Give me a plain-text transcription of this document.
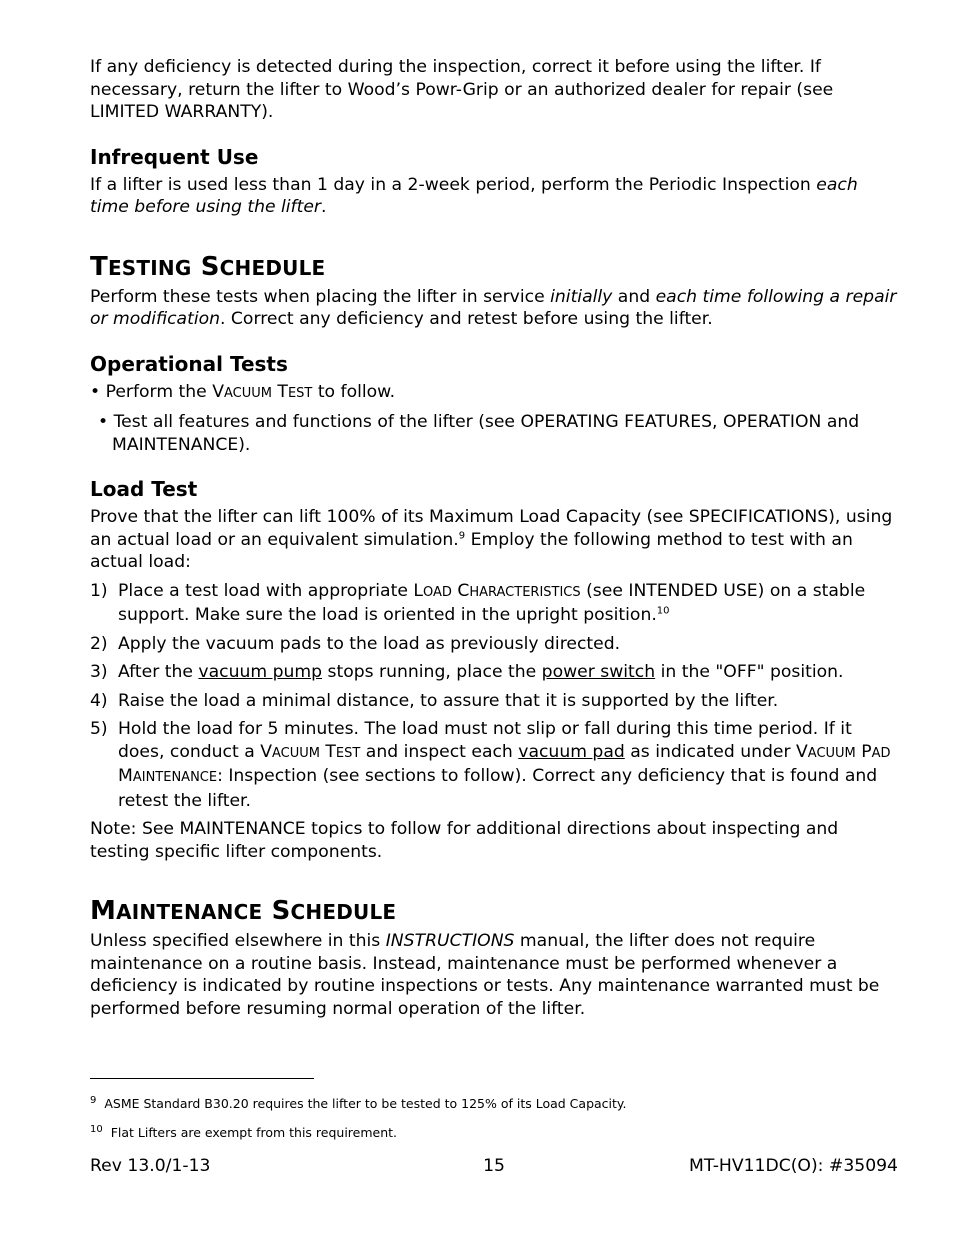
If any deficiency is detected during the inspection, correct it before using the lifter. If necessary, return the lifter to Wood’s Powr-Grip or an authorized dealer for repair (see LIMITED WARRANTY).

Infrequent Use

If a lifter is used less than 1 day in a 2-week period, perform the Periodic Inspection each time before using the lifter.

TESTING SCHEDULE

Perform these tests when placing the lifter in service initially and each time following a repair or modification. Correct any deficiency and retest before using the lifter.

Operational Tests

• Perform the VACUUM TEST to follow.

• Test all features and functions of the lifter (see OPERATING FEATURES, OPERATION and MAINTENANCE).

Load Test

Prove that the lifter can lift 100% of its Maximum Load Capacity (see SPECIFICATIONS), using an actual load or an equivalent simulation.$^9$ Employ the following method to test with an actual load:

1) Place a test load with appropriate LOAD CHARACTERISTICS (see INTENDED USE) on a stable support. Make sure the load is oriented in the upright position.$^{10}$
2) Apply the vacuum pads to the load as previously directed.
3) After the vacuum pump stops running, place the power switch in the "OFF" position.
4) Raise the load a minimal distance, to assure that it is supported by the lifter.
5) Hold the load for 5 minutes. The load must not slip or fall during this time period. If it does, conduct a VACUUM TEST and inspect each vacuum pad as indicated under VACUUM PAD MAINTENANCE: Inspection (see sections to follow). Correct any deficiency that is found and retest the lifter.

Note: See MAINTENANCE topics to follow for additional directions about inspecting and testing specific lifter components.

MAINTENANCE SCHEDULE

Unless specified elsewhere in this INSTRUCTIONS manual, the lifter does not require maintenance on a routine basis. Instead, maintenance must be performed whenever a deficiency is indicated by routine inspections or tests. Any maintenance warranted must be performed before resuming normal operation of the lifter.

$^9$ ASME Standard B30.20 requires the lifter to be tested to 125% of its Load Capacity.

$^{10}$ Flat Lifters are exempt from this requirement.

15
Rev 13.0/1-13	MT-HV11DC(O): #35094
